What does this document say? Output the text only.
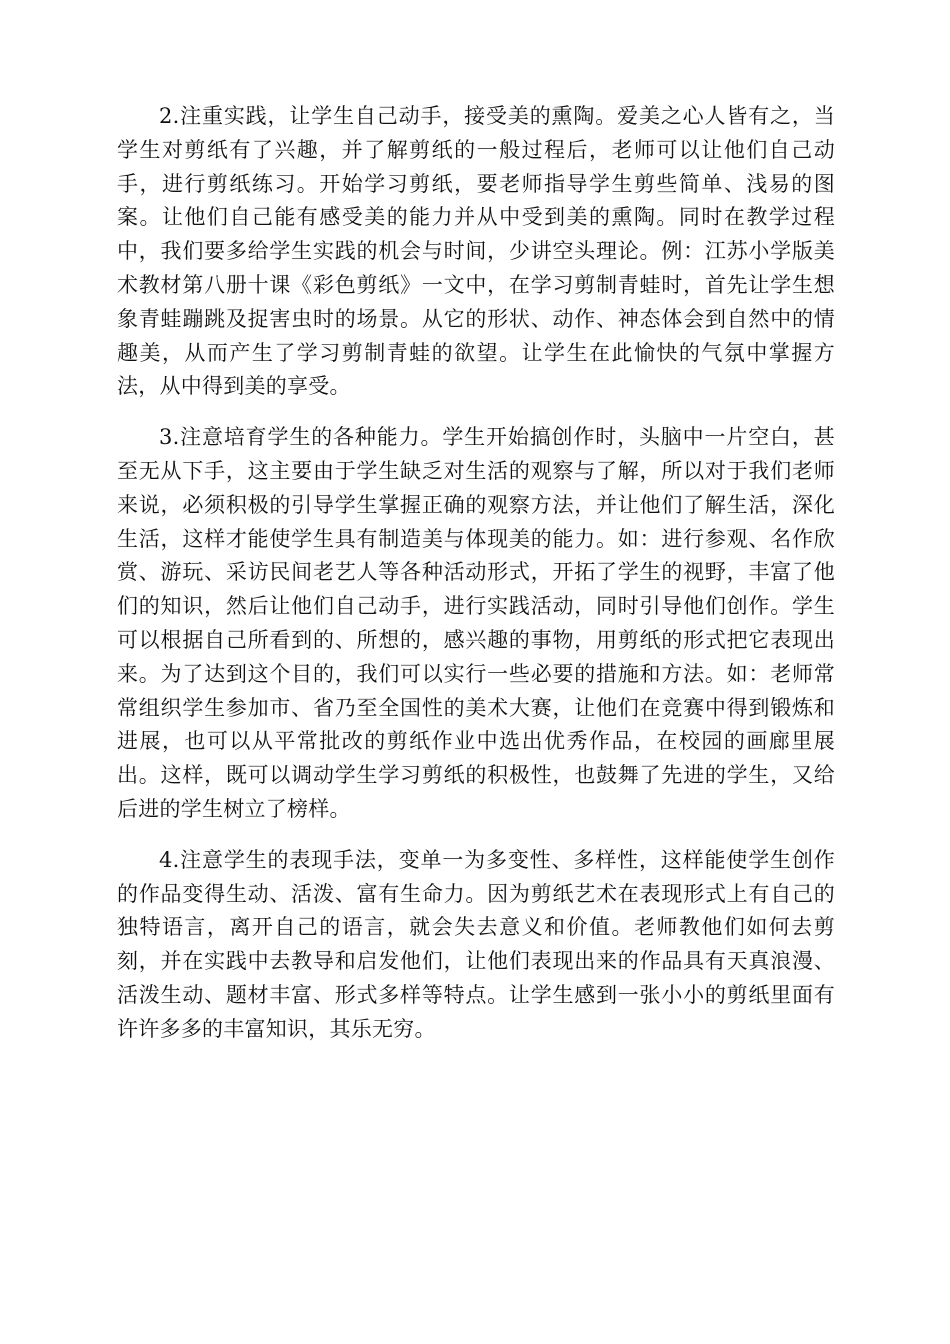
2.注重实践，让学生自己动手，接受美的熏陶。爱美之心人皆有之，当学生对剪纸有了兴趣，并了解剪纸的一般过程后，老师可以让他们自己动手，进行剪纸练习。开始学习剪纸，要老师指导学生剪些简单、浅易的图案。让他们自己能有感受美的能力并从中受到美的熏陶。同时在教学过程中，我们要多给学生实践的机会与时间，少讲空头理论。例：江苏小学版美术教材第八册十课《彩色剪纸》一文中，在学习剪制青蛙时，首先让学生想象青蛙蹦跳及捉害虫时的场景。从它的形状、动作、神态体会到自然中的情趣美，从而产生了学习剪制青蛙的欲望。让学生在此愉快的气氛中掌握方法，从中得到美的享受。

3.注意培育学生的各种能力。学生开始搞创作时，头脑中一片空白，甚至无从下手，这主要由于学生缺乏对生活的观察与了解，所以对于我们老师来说，必须积极的引导学生掌握正确的观察方法，并让他们了解生活，深化生活，这样才能使学生具有制造美与体现美的能力。如：进行参观、名作欣赏、游玩、采访民间老艺人等各种活动形式，开拓了学生的视野，丰富了他们的知识，然后让他们自己动手，进行实践活动，同时引导他们创作。学生可以根据自己所看到的、所想的，感兴趣的事物，用剪纸的形式把它表现出来。为了达到这个目的，我们可以实行一些必要的措施和方法。如：老师常常组织学生参加市、省乃至全国性的美术大赛，让他们在竞赛中得到锻炼和进展，也可以从平常批改的剪纸作业中选出优秀作品，在校园的画廊里展出。这样，既可以调动学生学习剪纸的积极性，也鼓舞了先进的学生，又给后进的学生树立了榜样。

4.注意学生的表现手法，变单一为多变性、多样性，这样能使学生创作的作品变得生动、活泼、富有生命力。因为剪纸艺术在表现形式上有自己的独特语言，离开自己的语言，就会失去意义和价值。老师教他们如何去剪刻，并在实践中去教导和启发他们，让他们表现出来的作品具有天真浪漫、活泼生动、题材丰富、形式多样等特点。让学生感到一张小小的剪纸里面有许许多多的丰富知识，其乐无穷。
